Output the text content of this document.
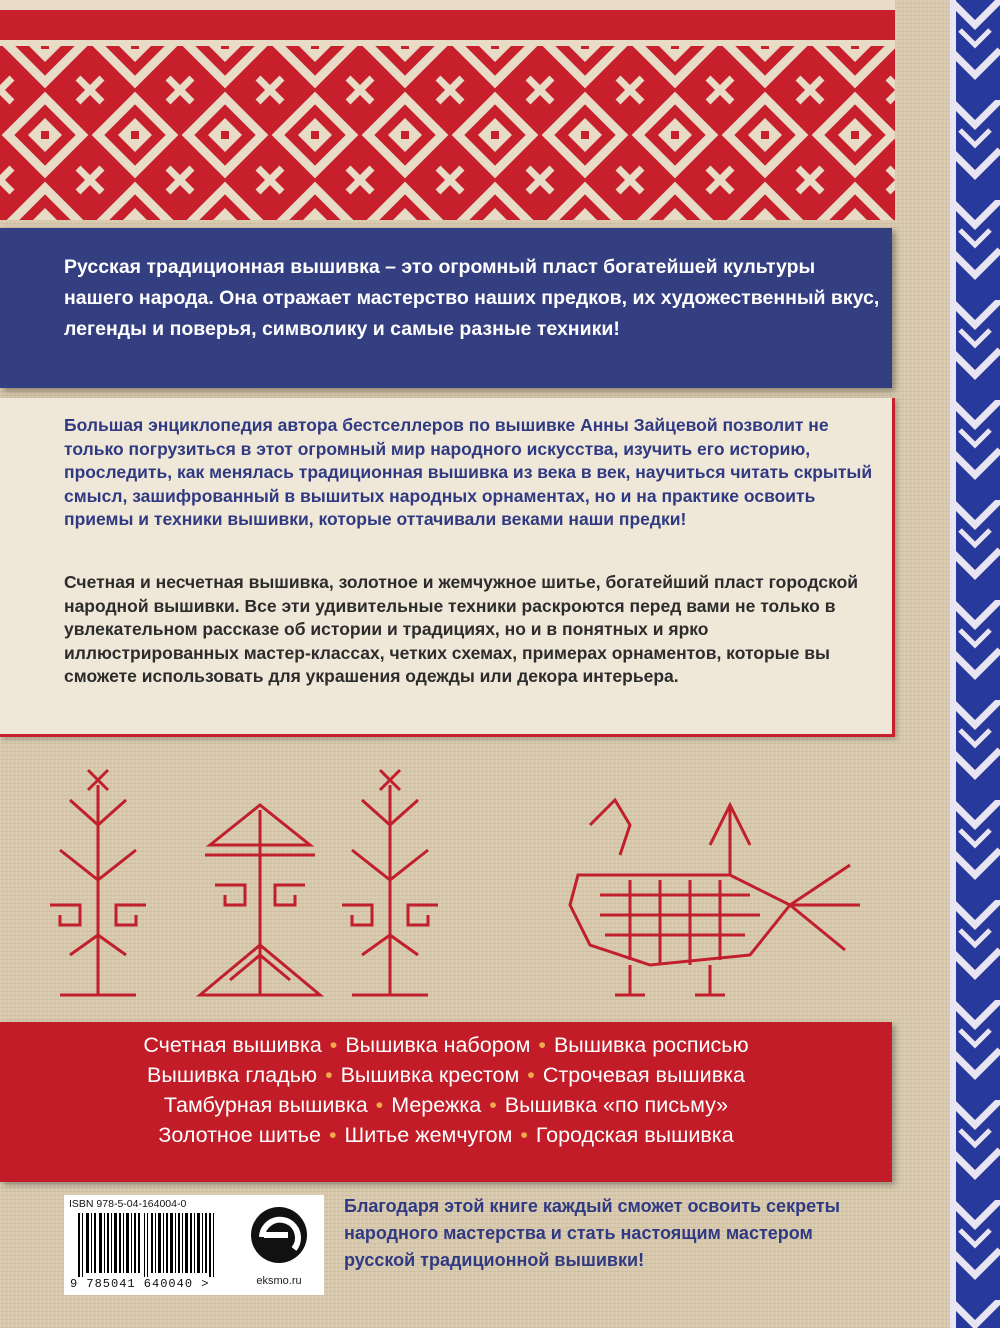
Русская традиционная вышивка – это огромный пласт богатейшей культуры нашего народа. Она отражает мастерство наших предков, их художественный вкус, легенды и поверья, символику и самые разные техники!

Большая энциклопедия автора бестселлеров по вышивке Анны Зайцевой позволит не только погрузиться в этот огромный мир народного искусства, изучить его историю, проследить, как менялась традиционная вышивка из века в век, научиться читать скрытый смысл, зашифрованный в вышитых народных орнаментах, но и на практике освоить приемы и техники вышивки, которые оттачивали веками наши предки!

Счетная и несчетная вышивка, золотное и жемчужное шитье, богатейший пласт городской народной вышивки. Все эти удивительные техники раскроются перед вами не только в увлекательном рассказе об истории и традициях, но и в понятных и ярко иллюстрированных мастер-классах, четких схемах, примерах орнаментов, которые вы сможете использовать для украшения одежды или декора интерьера.

Счетная вышивка • Вышивка набором • Вышивка росписью
Вышивка гладью • Вышивка крестом • Строчевая вышивка
Тамбурная вышивка • Мережка • Вышивка «по письму»
Золотное шитье • Шитье жемчугом • Городская вышивка
ISBN 978-5-04-164004-0
9 785041 640040 >	eksmo.ru

Благодаря этой книге каждый сможет освоить секреты народного мастерства и стать настоящим мастером русской традиционной вышивки!
